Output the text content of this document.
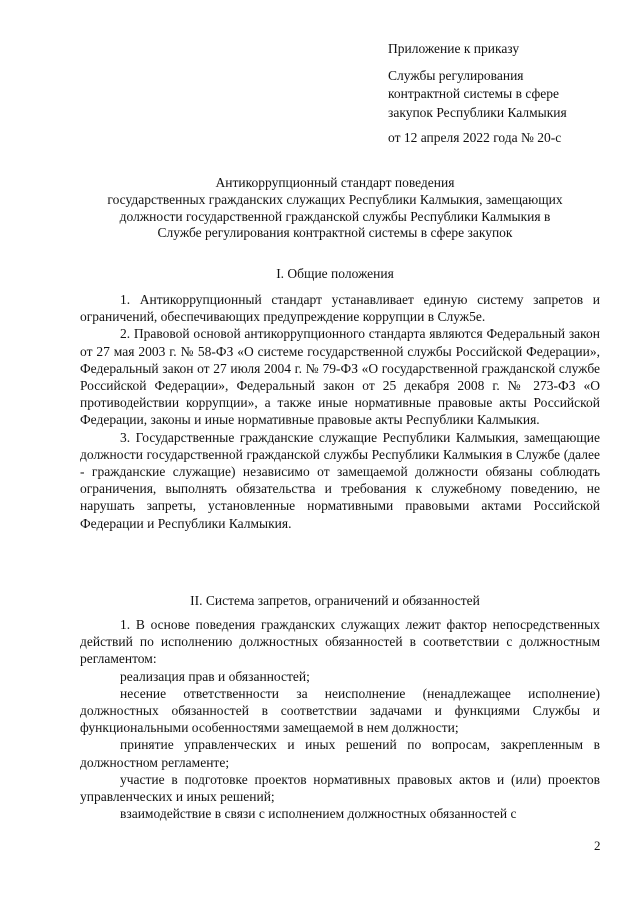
Приложение к приказу
Службы регулирования
контрактной системы в сфере
закупок Республики Калмыкия
от 12 апреля 2022 года № 20-с
Антикоррупционный стандарт поведения
государственных гражданских служащих Республики Калмыкия, замещающих
должности государственной гражданской службы Республики Калмыкия в
Службе регулирования контрактной системы в сфере закупок
I. Общие положения

1. Антикоррупционный стандарт устанавливает единую систему запретов и ограничений, обеспечивающих предупреждение коррупции в Служ5е.

2. Правовой основой антикоррупционного стандарта являются Федеральный закон от 27 мая 2003 г. № 58-ФЗ «О системе государственной службы Российской Федерации», Федеральный закон от 27 июля 2004 г. № 79-ФЗ «О государственной гражданской службе Российской Федерации», Федеральный закон от 25 декабря 2008 г. № 273-ФЗ «О противодействии коррупции», а также иные нормативные правовые акты Российской Федерации, законы и иные нормативные правовые акты Республики Калмыкия.

3. Государственные гражданские служащие Республики Калмыкия, замещающие должности государственной гражданской службы Республики Калмыкия в Службе (далее - гражданские служащие) независимо от замещаемой должности обязаны соблюдать ограничения, выполнять обязательства и требования к служебному поведению, не нарушать запреты, установленные нормативными правовыми актами Российской Федерации и Республики Калмыкия.

II. Система запретов, ограничений и обязанностей

1. В основе поведения гражданских служащих лежит фактор непосредственных действий по исполнению должностных обязанностей в соответствии с должностным регламентом:

реализация прав и обязанностей;

несение ответственности за неисполнение (ненадлежащее исполнение) должностных обязанностей в соответствии задачами и функциями Службы и функциональными особенностями замещаемой в нем должности;

принятие управленческих и иных решений по вопросам, закрепленным в должностном регламенте;

участие в подготовке проектов нормативных правовых актов и (или) проектов управленческих и иных решений;

взаимодействие в связи с исполнением должностных обязанностей с

2
